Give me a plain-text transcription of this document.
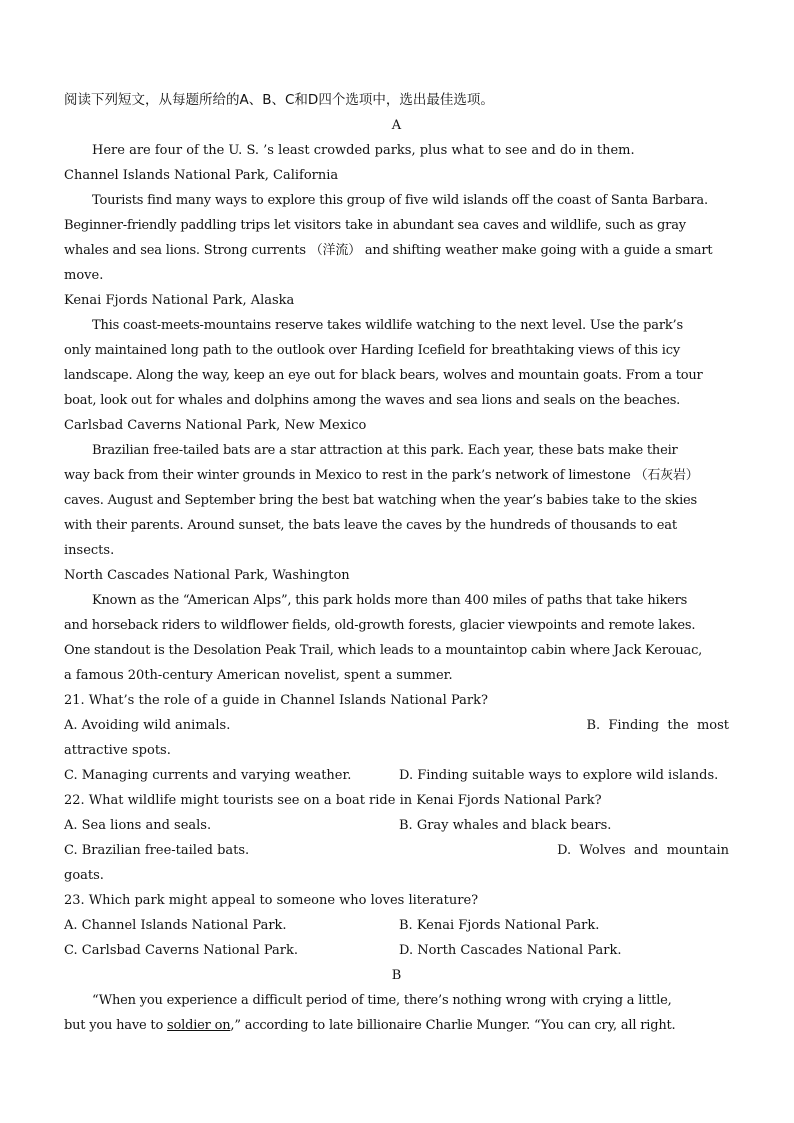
阅读下列短文，从每题所给的A、B、C和D四个选项中，选出最佳选项。
A
Here are four of the U. S. ’s least crowded parks, plus what to see and do in them.
Channel Islands National Park, California
Tourists find many ways to explore this group of five wild islands off the coast of Santa Barbara.
Beginner-friendly paddling trips let visitors take in abundant sea caves and wildlife, such as gray
whales and sea lions. Strong currents （洋流） and shifting weather make going with a guide a smart
move.
Kenai Fjords National Park, Alaska
This coast-meets-mountains reserve takes wildlife watching to the next level. Use the park’s
only maintained long path to the outlook over Harding Icefield for breathtaking views of this icy
landscape. Along the way, keep an eye out for black bears, wolves and mountain goats. From a tour
boat, look out for whales and dolphins among the waves and sea lions and seals on the beaches.
Carlsbad Caverns National Park, New Mexico
Brazilian free-tailed bats are a star attraction at this park. Each year, these bats make their
way back from their winter grounds in Mexico to rest in the park’s network of limestone （石灰岩）
caves. August and September bring the best bat watching when the year’s babies take to the skies
with their parents. Around sunset, the bats leave the caves by the hundreds of thousands to eat
insects.
North Cascades National Park, Washington
Known as the “American Alps”, this park holds more than 400 miles of paths that take hikers
and horseback riders to wildflower fields, old-growth forests, glacier viewpoints and remote lakes.
One standout is the Desolation Peak Trail, which leads to a mountaintop cabin where Jack Kerouac,
a famous 20th-century American novelist, spent a summer.
21. What’s the role of a guide in Channel Islands National Park?
A. Avoiding wild animals.	B.  Finding  the  most
attractive spots.
C. Managing currents and varying weather.	D. Finding suitable ways to explore wild islands.
22. What wildlife might tourists see on a boat ride in Kenai Fjords National Park?
A. Sea lions and seals.	B. Gray whales and black bears.
C. Brazilian free-tailed bats.	D.  Wolves  and  mountain
goats.
23. Which park might appeal to someone who loves literature?
A. Channel Islands National Park.	B. Kenai Fjords National Park.
C. Carlsbad Caverns National Park.	D. North Cascades National Park.
B
“When you experience a difficult period of time, there’s nothing wrong with crying a little,
but you have to soldier on,” according to late billionaire Charlie Munger. “You can cry, all right.
